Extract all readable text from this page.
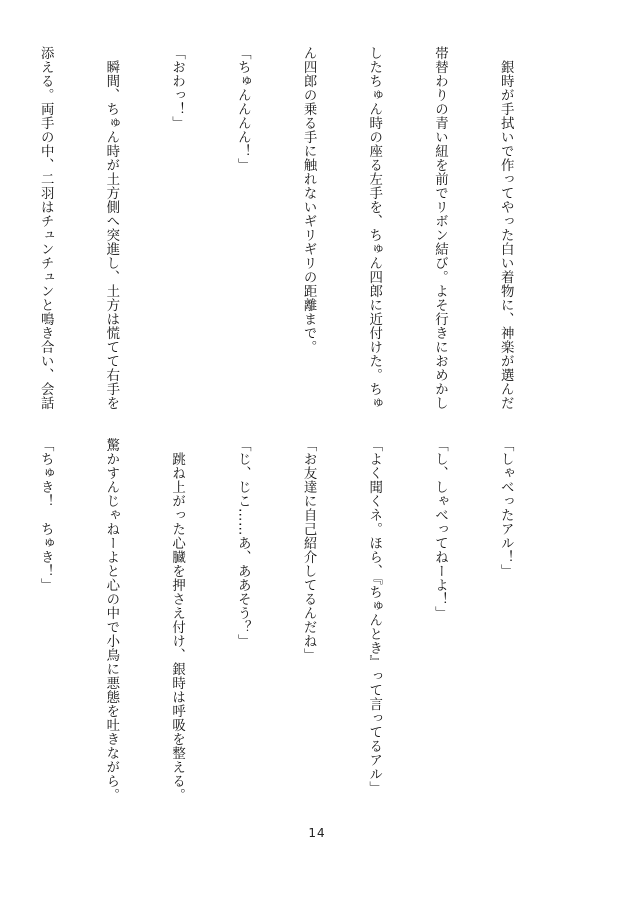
　銀時が手拭いで作ってやった白い着物に、神楽が選んだ

帯替わりの青い紐を前でリボン結び。よそ行きにおめかし

したちゅん時の座る左手を、ちゅん四郎に近付けた。ちゅ

ん四郎の乗る手に触れないギリギリの距離まで。

「ちゅんんんん！」

「おわっ！」

　瞬間、ちゅん時が土方側へ突進し、土方は慌てて右手を

添える。両手の中、二羽はチュンチュンと鳴き合い、会話

「しゃべったアル！」

「し、しゃべってねーよ！」

「よく聞くネ。ほら、『ちゅんとき』って言ってるアル」

「お友達に自己紹介してるんだね」

「じ、じこ……あ、ああそう？」

　跳ね上がった心臓を押さえ付け、銀時は呼吸を整える。

驚かすんじゃねーよと心の中で小鳥に悪態を吐きながら。

「ちゅき！　ちゅき！」

14
